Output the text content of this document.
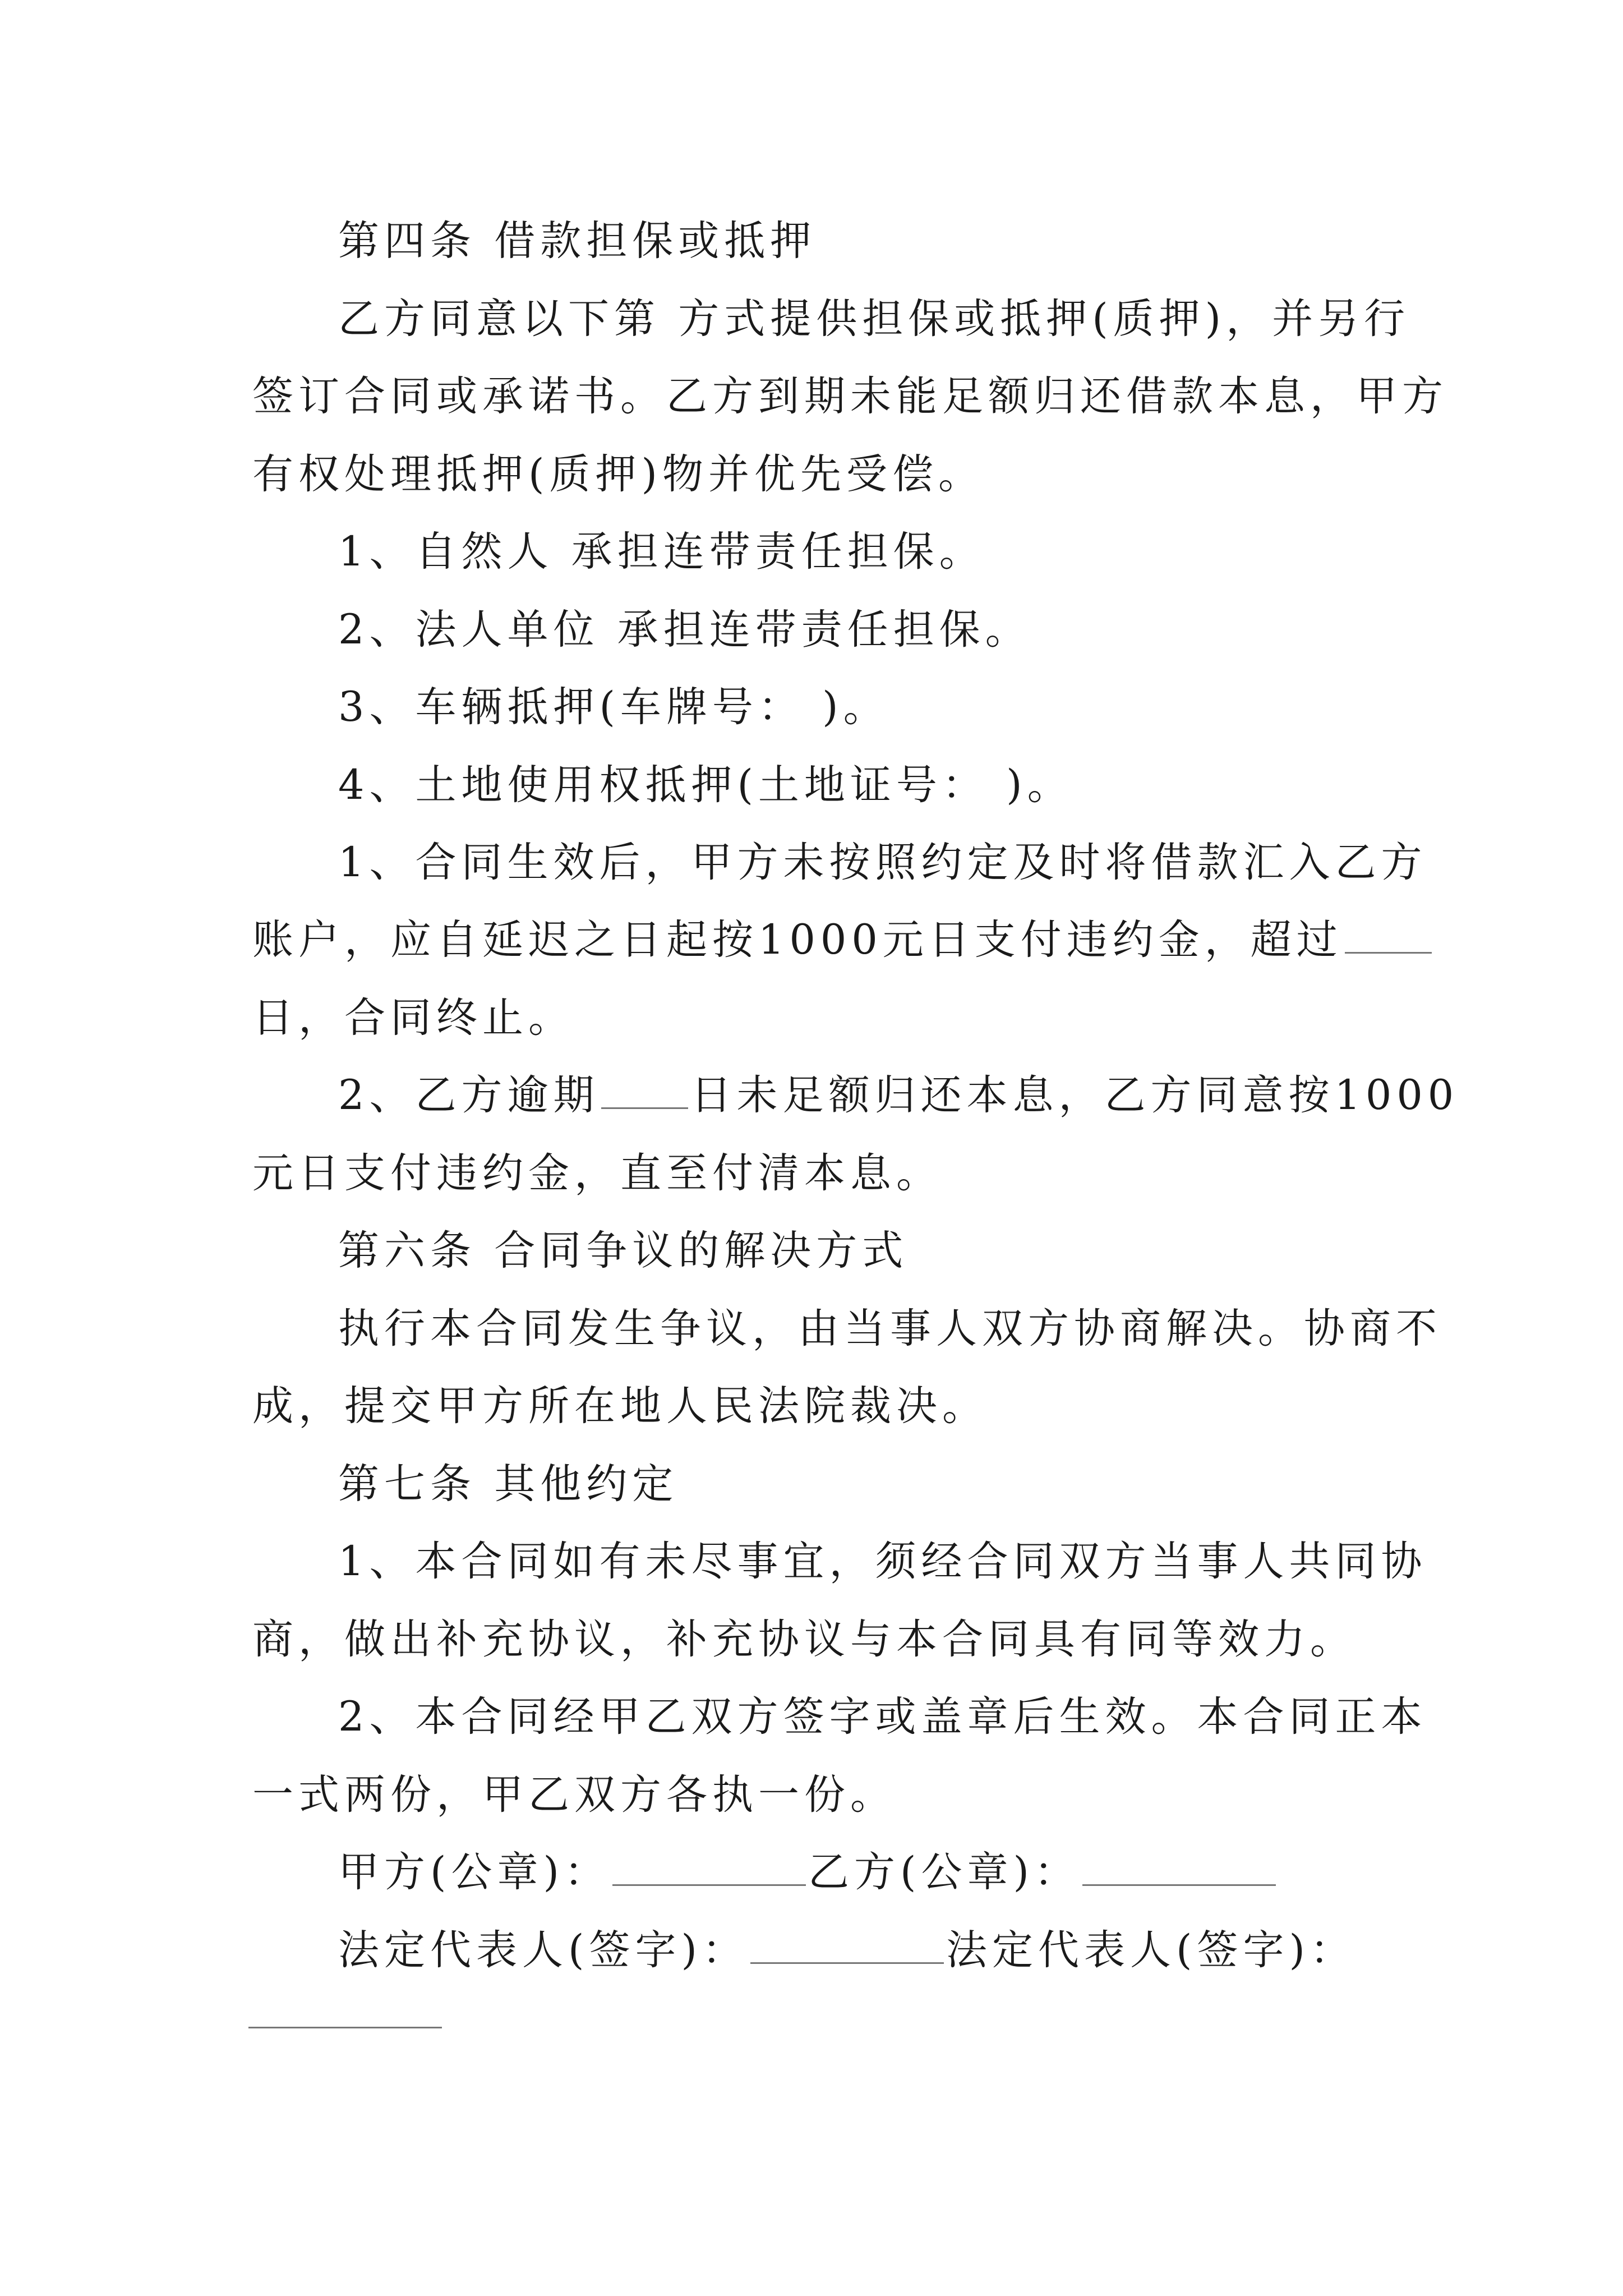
第四条 借款担保或抵押
乙方同意以下第 方式提供担保或抵押(质押)，并另行
签订合同或承诺书。乙方到期未能足额归还借款本息，甲方
有权处理抵押(质押)物并优先受偿。
1、自然人 承担连带责任担保。
2、法人单位 承担连带责任担保。
3、车辆抵押(车牌号： )。
4、土地使用权抵押(土地证号： )。
1、合同生效后，甲方未按照约定及时将借款汇入乙方
账户，应自延迟之日起按1000元日支付违约金，超过
日，合同终止。
2、乙方逾期 日未足额归还本息，乙方同意按1000
元日支付违约金，直至付清本息。
第六条 合同争议的解决方式
执行本合同发生争议，由当事人双方协商解决。协商不
成，提交甲方所在地人民法院裁决。
第七条 其他约定
1、本合同如有未尽事宜，须经合同双方当事人共同协
商，做出补充协议，补充协议与本合同具有同等效力。
2、本合同经甲乙双方签字或盖章后生效。本合同正本
一式两份，甲乙双方各执一份。
甲方(公章)：	乙方(公章)：
法定代表人(签字)：	法定代表人(签字)：
